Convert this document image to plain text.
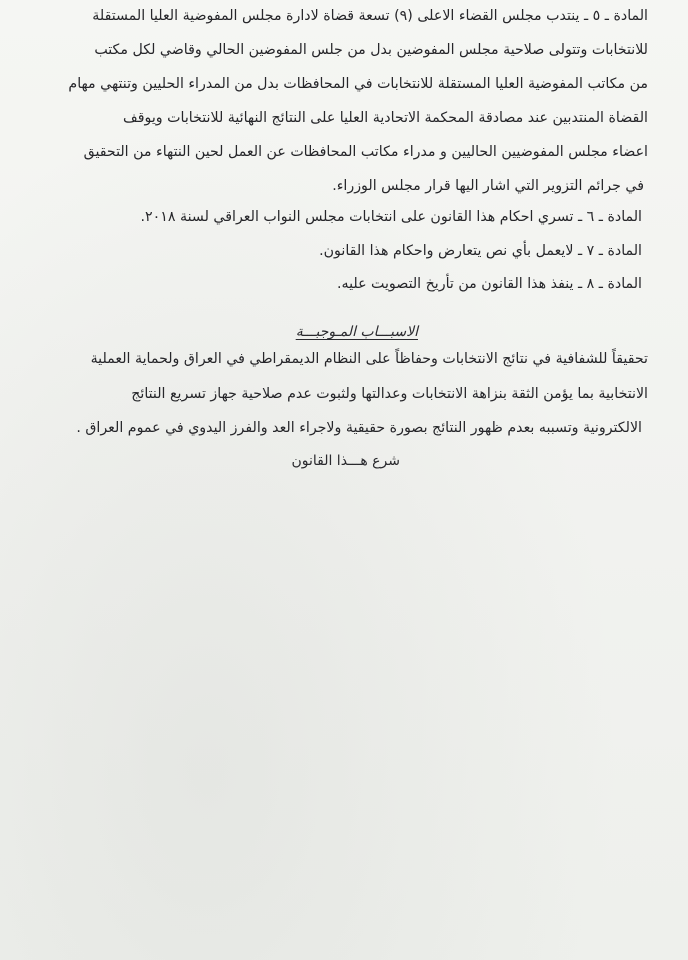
المادة ـ ٥ ـ ينتدب مجلس القضاء الاعلى (٩) تسعة قضاة لادارة مجلس المفوضية العليا المستقلة
للانتخابات وتتولى صلاحية مجلس المفوضين بدل من جلس المفوضين الحالي وقاضي لكل مكتب
من مكاتب المفوضية العليا المستقلة للانتخابات في المحافظات بدل من المدراء الحليين وتنتهي مهام
القضاة المنتدبين عند مصادقة المحكمة الاتحادية العليا على النتائج النهائية للانتخابات ويوقف
اعضاء مجلس المفوضيين الحاليين و مدراء مكاتب المحافظات عن العمل لحين النتهاء من التحقيق
في جرائم التزوير التي اشار اليها قرار مجلس الوزراء.
المادة ـ ٦ ـ تسري احكام هذا القانون على انتخابات مجلس النواب العراقي لسنة ٢٠١٨.
المادة ـ ٧ ـ لايعمل بأي نص يتعارض واحكام هذا القانون.
المادة ـ ٨ ـ ينفذ هذا القانون من تأريخ التصويت عليه.
الاسبـــاب المـوجبـــة
تحقيقاً للشفافية في نتائج الانتخابات وحفاظاً على النظام الديمقراطي في العراق ولحماية العملية
الانتخابية بما يؤمن الثقة بنزاهة الانتخابات وعدالتها ولثبوت عدم صلاحية جهاز تسريع النتائج
الالكترونية وتسببه بعدم ظهور النتائج بصورة حقيقية ولاجراء العد والفرز اليدوي في عموم العراق .
شرع هـــذا القانون
